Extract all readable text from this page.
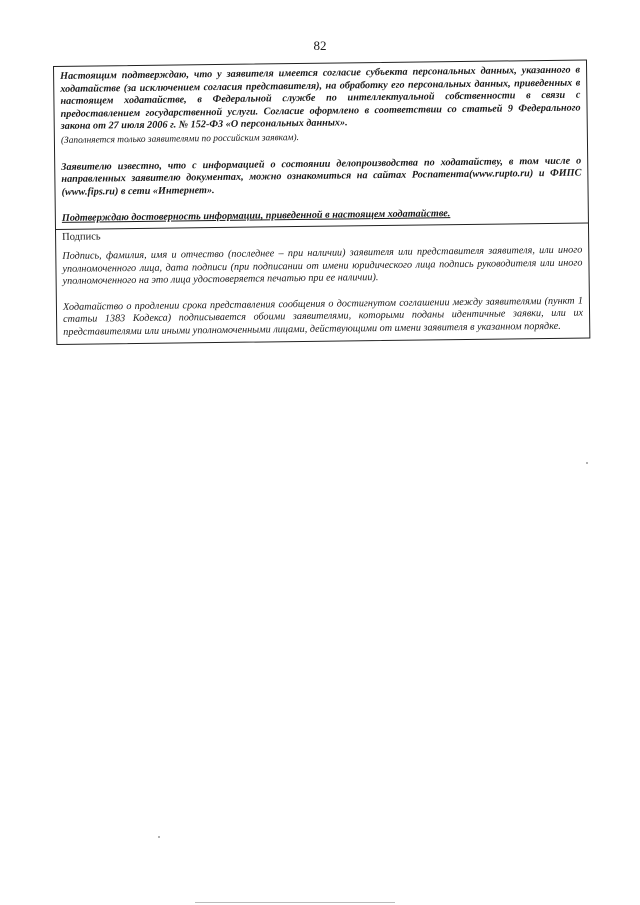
82

Настоящим подтверждаю, что у заявителя имеется согласие субъекта персональных данных, указанного в ходатайстве (за исключением согласия представителя), на обработку его персональных данных, приведенных в настоящем ходатайстве, в Федеральной службе по интеллектуальной собственности в связи с предоставлением государственной услуги. Согласие оформлено в соответствии со статьей 9 Федерального закона от 27 июля 2006 г. № 152-ФЗ «О персональных данных».

(Заполняется только заявителями по российским заявкам).

Заявителю известно, что с информацией о состоянии делопроизводства по ходатайству, в том числе о направленных заявителю документах, можно ознакомиться на сайтах Роспатента(www.rupto.ru) и ФИПС (www.fips.ru) в сети «Интернет».

Подтверждаю достоверность информации, приведенной в настоящем ходатайстве.

Подпись

Подпись, фамилия, имя и отчество (последнее – при наличии) заявителя или представителя заявителя, или иного уполномоченного лица, дата подписи (при подписании от имени юридического лица подпись руководителя или иного уполномоченного на это лица удостоверяется печатью при ее наличии).

Ходатайство о продлении срока представления сообщения о достигнутом соглашении между заявителями (пункт 1 статьи 1383 Кодекса) подписывается обоими заявителями, которыми поданы идентичные заявки, или их представителями или иными уполномоченными лицами, действующими от имени заявителя в указанном порядке.
